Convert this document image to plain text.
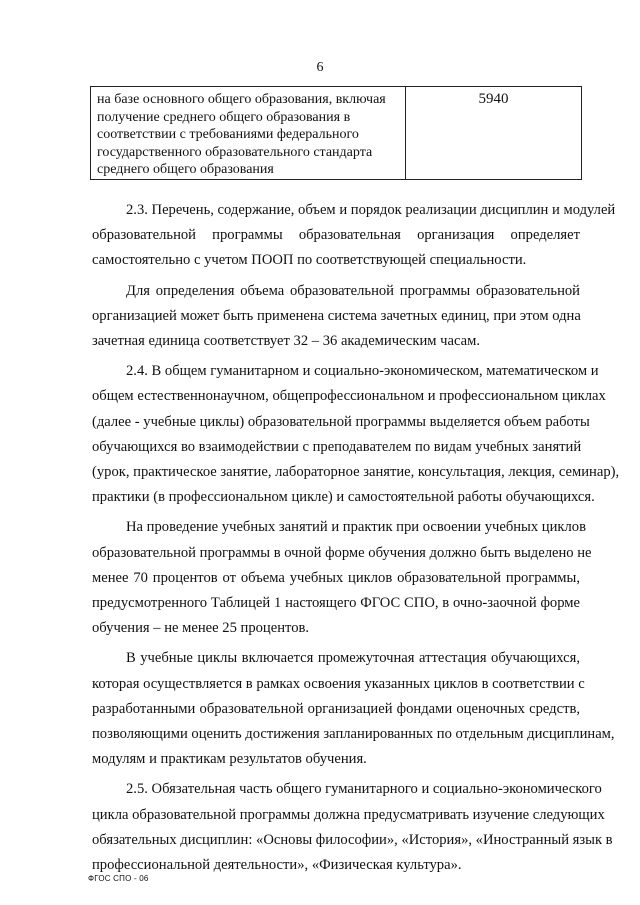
6
на базе основного общего образования, включая
получение среднего общего образования в
соответствии с требованиями федерального
государственного образовательного стандарта
среднего общего образования
5940
2.3. Перечень, содержание, объем и порядок реализации дисциплин и модулей
образовательной программы образовательная организация определяет
самостоятельно с учетом ПООП по соответствующей специальности.
Для определения объема образовательной программы образовательной
организацией может быть применена система зачетных единиц, при этом одна
зачетная единица соответствует 32 – 36 академическим часам.
2.4. В общем гуманитарном и социально-экономическом, математическом и
общем естественнонаучном, общепрофессиональном и профессиональном циклах
(далее - учебные циклы) образовательной программы выделяется объем работы
обучающихся во взаимодействии с преподавателем по видам учебных занятий
(урок, практическое занятие, лабораторное занятие, консультация, лекция, семинар),
практики (в профессиональном цикле) и самостоятельной работы обучающихся.
На проведение учебных занятий и практик при освоении учебных циклов
образовательной программы в очной форме обучения должно быть выделено не
менее 70 процентов от объема учебных циклов образовательной программы,
предусмотренного Таблицей 1 настоящего ФГОС СПО, в очно-заочной форме
обучения – не менее 25 процентов.
В учебные циклы включается промежуточная аттестация обучающихся,
которая осуществляется в рамках освоения указанных циклов в соответствии с
разработанными образовательной организацией фондами оценочных средств,
позволяющими оценить достижения запланированных по отдельным дисциплинам,
модулям и практикам результатов обучения.
2.5. Обязательная часть общего гуманитарного и социально-экономического
цикла образовательной программы должна предусматривать изучение следующих
обязательных дисциплин: «Основы философии», «История», «Иностранный язык в
профессиональной деятельности», «Физическая культура».
ФГОС СПО - 06
